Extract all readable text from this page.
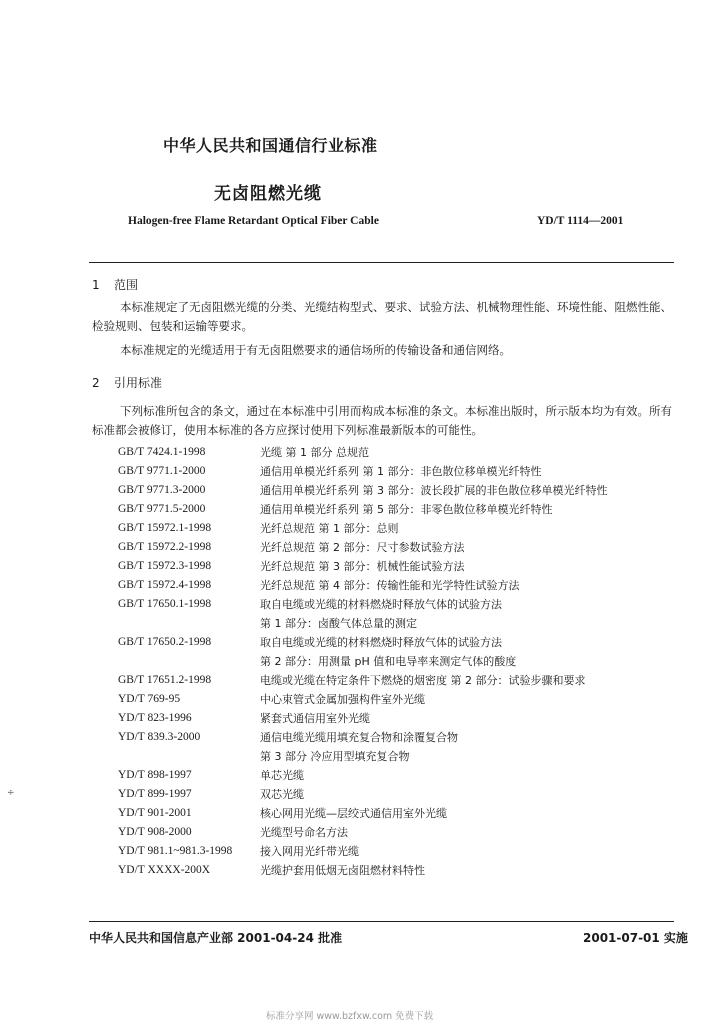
中华人民共和国通信行业标准
无卤阻燃光缆
Halogen-free Flame Retardant Optical Fiber Cable	YD/T 1114—2001
1 范围
本标准规定了无卤阻燃光缆的分类、光缆结构型式、要求、试验方法、机械物理性能、环境性能、阻燃性能、检验规则、包装和运输等要求。
本标准规定的光缆适用于有无卤阻燃要求的通信场所的传输设备和通信网络。
2 引用标准
下列标准所包含的条文，通过在本标准中引用而构成本标准的条文。本标准出版时，所示版本均为有效。所有标准都会被修订，使用本标准的各方应探讨使用下列标准最新版本的可能性。
GB/T 7424.1-1998	光缆 第 1 部分 总规范
GB/T 9771.1-2000	通信用单模光纤系列 第 1 部分：非色散位移单模光纤特性
GB/T 9771.3-2000	通信用单模光纤系列 第 3 部分：波长段扩展的非色散位移单模光纤特性
GB/T 9771.5-2000	通信用单模光纤系列 第 5 部分：非零色散位移单模光纤特性
GB/T 15972.1-1998	光纤总规范 第 1 部分：总则
GB/T 15972.2-1998	光纤总规范 第 2 部分：尺寸参数试验方法
GB/T 15972.3-1998	光纤总规范 第 3 部分：机械性能试验方法
GB/T 15972.4-1998	光纤总规范 第 4 部分：传输性能和光学特性试验方法
GB/T 17650.1-1998	取自电缆或光缆的材料燃烧时释放气体的试验方法
第 1 部分：卤酸气体总量的测定
GB/T 17650.2-1998	取自电缆或光缆的材料燃烧时释放气体的试验方法
第 2 部分：用测量 pH 值和电导率来测定气体的酸度
GB/T 17651.2-1998	电缆或光缆在特定条件下燃烧的烟密度 第 2 部分：试验步骤和要求
YD/T 769-95	中心束管式金属加强构件室外光缆
YD/T 823-1996	紧套式通信用室外光缆
YD/T 839.3-2000	通信电缆光缆用填充复合物和涂覆复合物
第 3 部分 冷应用型填充复合物
YD/T 898-1997	单芯光缆
YD/T 899-1997	双芯光缆
YD/T 901-2001	核心网用光缆—层绞式通信用室外光缆
YD/T 908-2000	光缆型号命名方法
YD/T 981.1~981.3-1998	接入网用光纤带光缆
YD/T XXXX-200X	光缆护套用低烟无卤阻燃材料特性
÷
中华人民共和国信息产业部 2001-04-24 批准	2001-07-01 实施
标准分享网 www.bzfxw.com 免费下载
